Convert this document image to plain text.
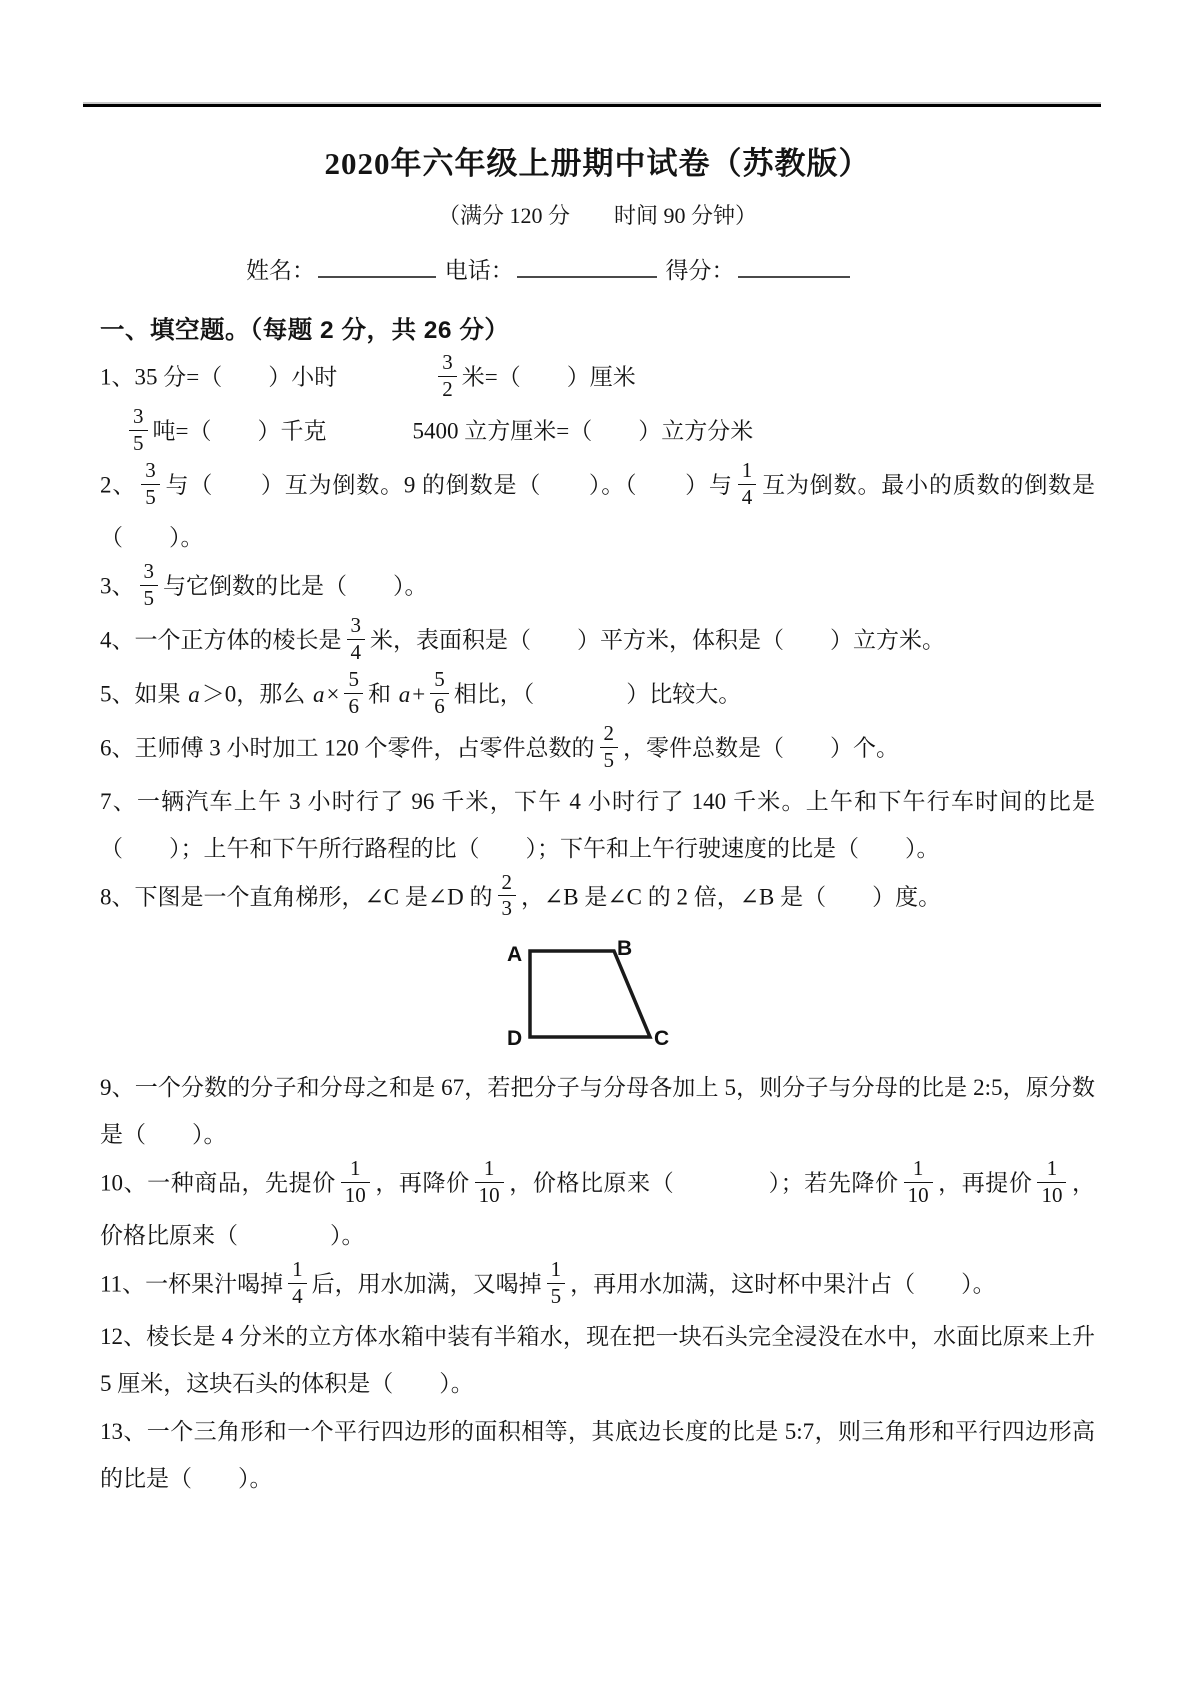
2020年六年级上册期中试卷（苏教版）
（满分 120 分　　时间 90 分钟）
姓名：	电话：	得分：
一、填空题。（每题 2 分，共 26 分）
1、35 分=（　　）小时	$\frac{3}{2}$ 米=（　　）厘米
$\frac{3}{5}$ 吨=（　　）千克	5400 立方厘米=（　　）立方分米
2、 $\frac{3}{5}$ 与（　　）互为倒数。9 的倒数是（　　）。（　　）与 $\frac{1}{4}$ 互为倒数。最小的质数的倒数是（　　）。
3、 $\frac{3}{5}$ 与它倒数的比是（　　）。
4、一个正方体的棱长是 $\frac{3}{4}$ 米，表面积是（　　）平方米，体积是（　　）立方米。
5、如果 a＞0，那么 $a\times \frac{5}{6}$ 和 $a+ \frac{5}{6}$ 相比，（　　　　）比较大。
6、王师傅 3 小时加工 120 个零件，占零件总数的 $\frac{2}{5}$ ，零件总数是（　　）个。
7、一辆汽车上午 3 小时行了 96 千米，下午 4 小时行了 140 千米。上午和下午行车时间的比是（　　）；上午和下午所行路程的比（　　）；下午和上午行驶速度的比是（　　）。
8、下图是一个直角梯形，∠C 是∠D 的 $\frac{2}{3}$ ，∠B 是∠C 的 2 倍，∠B 是（　　）度。
A	B
C
D
9、一个分数的分子和分母之和是 67，若把分子与分母各加上 5，则分子与分母的比是 2:5，原分数是（　　）。
10、一种商品，先提价 $\frac{1}{10}$ ，再降价 $\frac{1}{10}$ ，价格比原来（　　　　）；若先降价 $\frac{1}{10}$ ，再提价 $\frac{1}{10}$ ，价格比原来（　　　　）。
11、一杯果汁喝掉 $\frac{1}{4}$ 后，用水加满，又喝掉 $\frac{1}{5}$ ，再用水加满，这时杯中果汁占（　　）。
12、棱长是 4 分米的立方体水箱中装有半箱水，现在把一块石头完全浸没在水中，水面比原来上升 5 厘米，这块石头的体积是（　　）。
13、一个三角形和一个平行四边形的面积相等，其底边长度的比是 5:7，则三角形和平行四边形高的比是（　　）。
